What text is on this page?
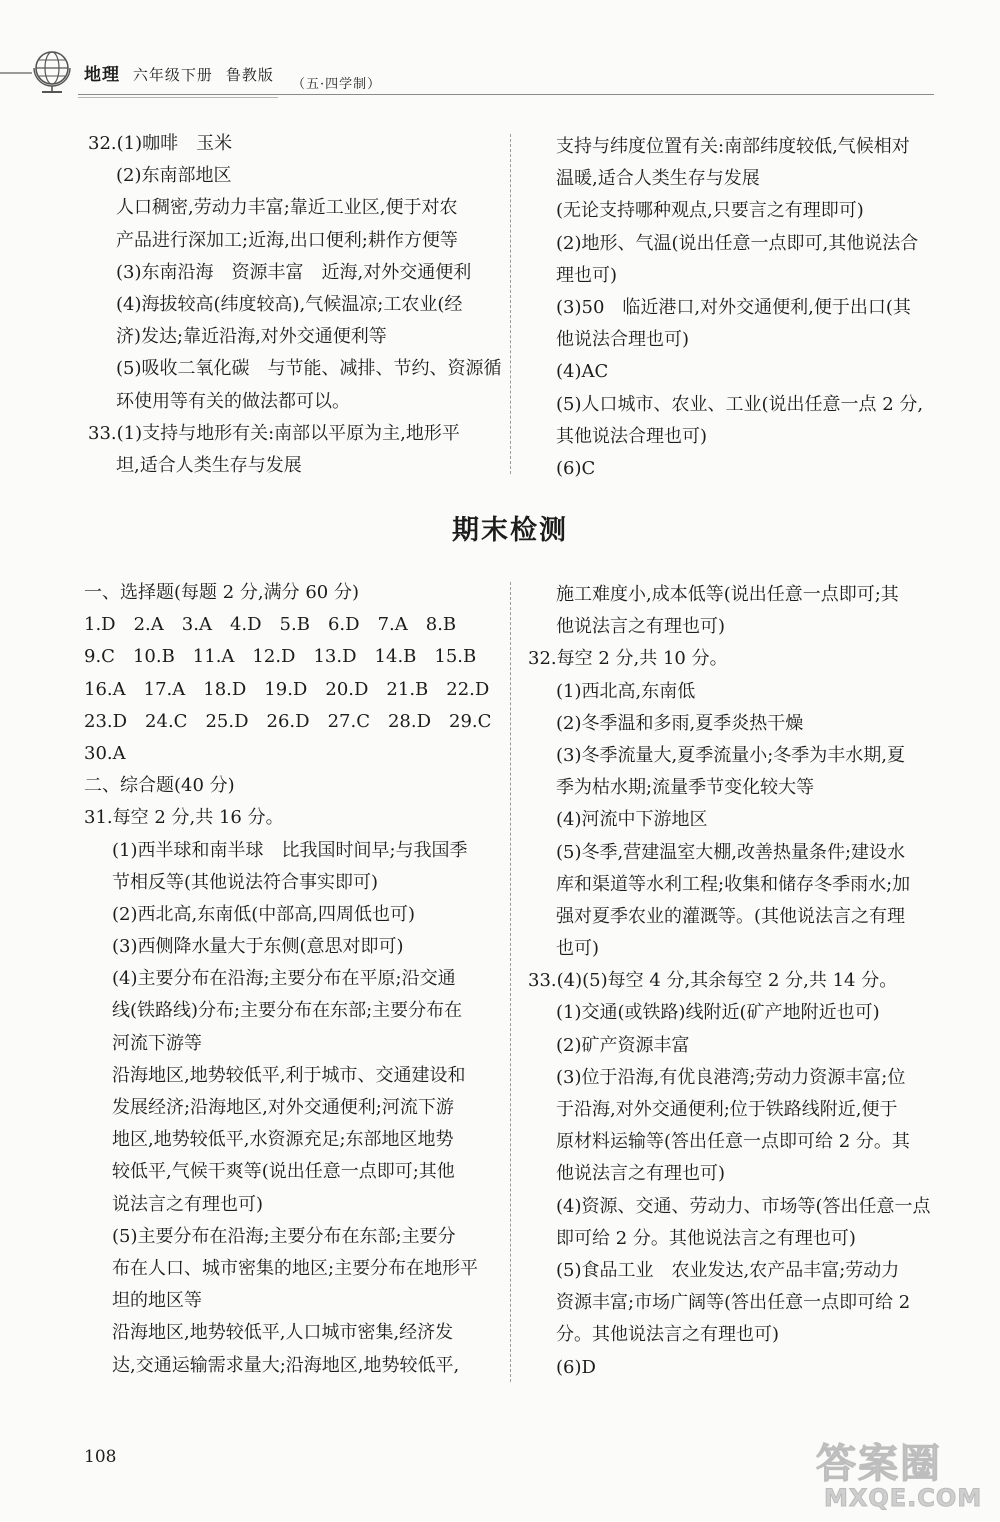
地理 六年级下册 鲁教版
（五·四学制）
32.(1)咖啡　玉米
(2)东南部地区
人口稠密,劳动力丰富;靠近工业区,便于对农
产品进行深加工;近海,出口便利;耕作方便等
(3)东南沿海　资源丰富　近海,对外交通便利
(4)海拔较高(纬度较高),气候温凉;工农业(经
济)发达;靠近沿海,对外交通便利等
(5)吸收二氧化碳　与节能、减排、节约、资源循
环使用等有关的做法都可以。
33.(1)支持与地形有关:南部以平原为主,地形平
坦,适合人类生存与发展
支持与纬度位置有关:南部纬度较低,气候相对
温暖,适合人类生存与发展
(无论支持哪种观点,只要言之有理即可)
(2)地形、气温(说出任意一点即可,其他说法合
理也可)
(3)50　临近港口,对外交通便利,便于出口(其
他说法合理也可)
(4)AC
(5)人口城市、农业、工业(说出任意一点 2 分,
其他说法合理也可)
(6)C
期末检测
一、选择题(每题 2 分,满分 60 分)
1.D　2.A　3.A　4.D　5.B　6.D　7.A　8.B
9.C　10.B　11.A　12.D　13.D　14.B　15.B
16.A　17.A　18.D　19.D　20.D　21.B　22.D
23.D　24.C　25.D　26.D　27.C　28.D　29.C
30.A
二、综合题(40 分)
31.每空 2 分,共 16 分。
(1)西半球和南半球　比我国时间早;与我国季
节相反等(其他说法符合事实即可)
(2)西北高,东南低(中部高,四周低也可)
(3)西侧降水量大于东侧(意思对即可)
(4)主要分布在沿海;主要分布在平原;沿交通
线(铁路线)分布;主要分布在东部;主要分布在
河流下游等
沿海地区,地势较低平,利于城市、交通建设和
发展经济;沿海地区,对外交通便利;河流下游
地区,地势较低平,水资源充足;东部地区地势
较低平,气候干爽等(说出任意一点即可;其他
说法言之有理也可)
(5)主要分布在沿海;主要分布在东部;主要分
布在人口、城市密集的地区;主要分布在地形平
坦的地区等
沿海地区,地势较低平,人口城市密集,经济发
达,交通运输需求量大;沿海地区,地势较低平,
施工难度小,成本低等(说出任意一点即可;其
他说法言之有理也可)
32.每空 2 分,共 10 分。
(1)西北高,东南低
(2)冬季温和多雨,夏季炎热干燥
(3)冬季流量大,夏季流量小;冬季为丰水期,夏
季为枯水期;流量季节变化较大等
(4)河流中下游地区
(5)冬季,营建温室大棚,改善热量条件;建设水
库和渠道等水利工程;收集和储存冬季雨水;加
强对夏季农业的灌溉等。(其他说法言之有理
也可)
33.(4)(5)每空 4 分,其余每空 2 分,共 14 分。
(1)交通(或铁路)线附近(矿产地附近也可)
(2)矿产资源丰富
(3)位于沿海,有优良港湾;劳动力资源丰富;位
于沿海,对外交通便利;位于铁路线附近,便于
原材料运输等(答出任意一点即可给 2 分。其
他说法言之有理也可)
(4)资源、交通、劳动力、市场等(答出任意一点
即可给 2 分。其他说法言之有理也可)
(5)食品工业　农业发达,农产品丰富;劳动力
资源丰富;市场广阔等(答出任意一点即可给 2
分。其他说法言之有理也可)
(6)D
108	答案圈
MXQE.COM
